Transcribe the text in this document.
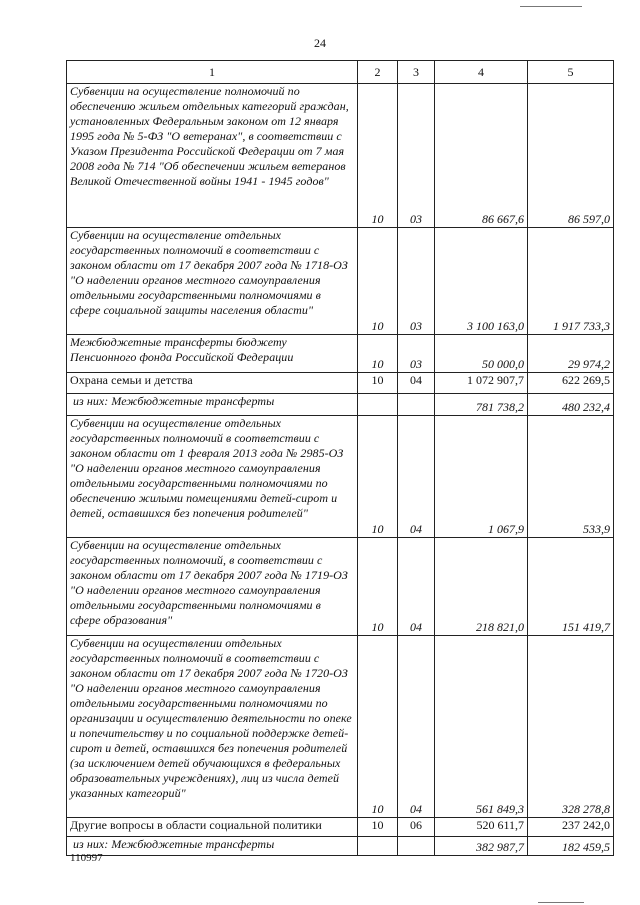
24
1	2	3	4	5
Субвенции на осуществление полномочий по обеспечению жильем отдельных категорий граждан, установленных Федеральным законом от 12 января 1995 года № 5-ФЗ "О ветеранах", в соответствии с Указом Президента Российской Федерации от 7 мая 2008 года № 714 "Об обеспечении жильем ветеранов Великой Отечественной войны 1941 - 1945 годов"	10	03	86 667,6	86 597,0
Субвенции на осуществление отдельных государственных полномочий в соответствии с законом области от 17 декабря 2007 года № 1718-ОЗ "О наделении органов местного самоуправления отдельными государственными полномочиями в сфере социальной защиты населения области"	10	03	3 100 163,0	1 917 733,3
Межбюджетные трансферты бюджету Пенсионного фонда Российской Федерации	10	03	50 000,0	29 974,2
Охрана семьи и детства	10	04	1 072 907,7	622 269,5
из них: Межбюджетные трансферты			781 738,2	480 232,4
Субвенции на осуществление отдельных государственных полномочий в соответствии с законом области от 1 февраля 2013 года № 2985-ОЗ "О наделении органов местного самоуправления отдельными государственными полномочиями по обеспечению жилыми помещениями детей-сирот и детей, оставшихся без попечения родителей"	10	04	1 067,9	533,9
Субвенции на осуществление отдельных государственных полномочий, в соответствии с законом области от 17 декабря 2007 года № 1719-ОЗ "О наделении органов местного самоуправления отдельными государственными полномочиями в сфере образования"	10	04	218 821,0	151 419,7
Субвенции на осуществлении отдельных государственных полномочий в соответствии с законом области от 17 декабря 2007 года № 1720-ОЗ "О наделении органов местного самоуправления отдельными государственными полномочиями по организации и осуществлению деятельности по опеке и попечительству и по социальной поддержке детей-сирот и детей, оставшихся без попечения родителей (за исключением детей обучающихся в федеральных образовательных учреждениях), лиц из числа детей указанных категорий"	10	04	561 849,3	328 278,8
Другие вопросы в области социальной политики	10	06	520 611,7	237 242,0
из них: Межбюджетные трансферты			382 987,7	182 459,5
110997
